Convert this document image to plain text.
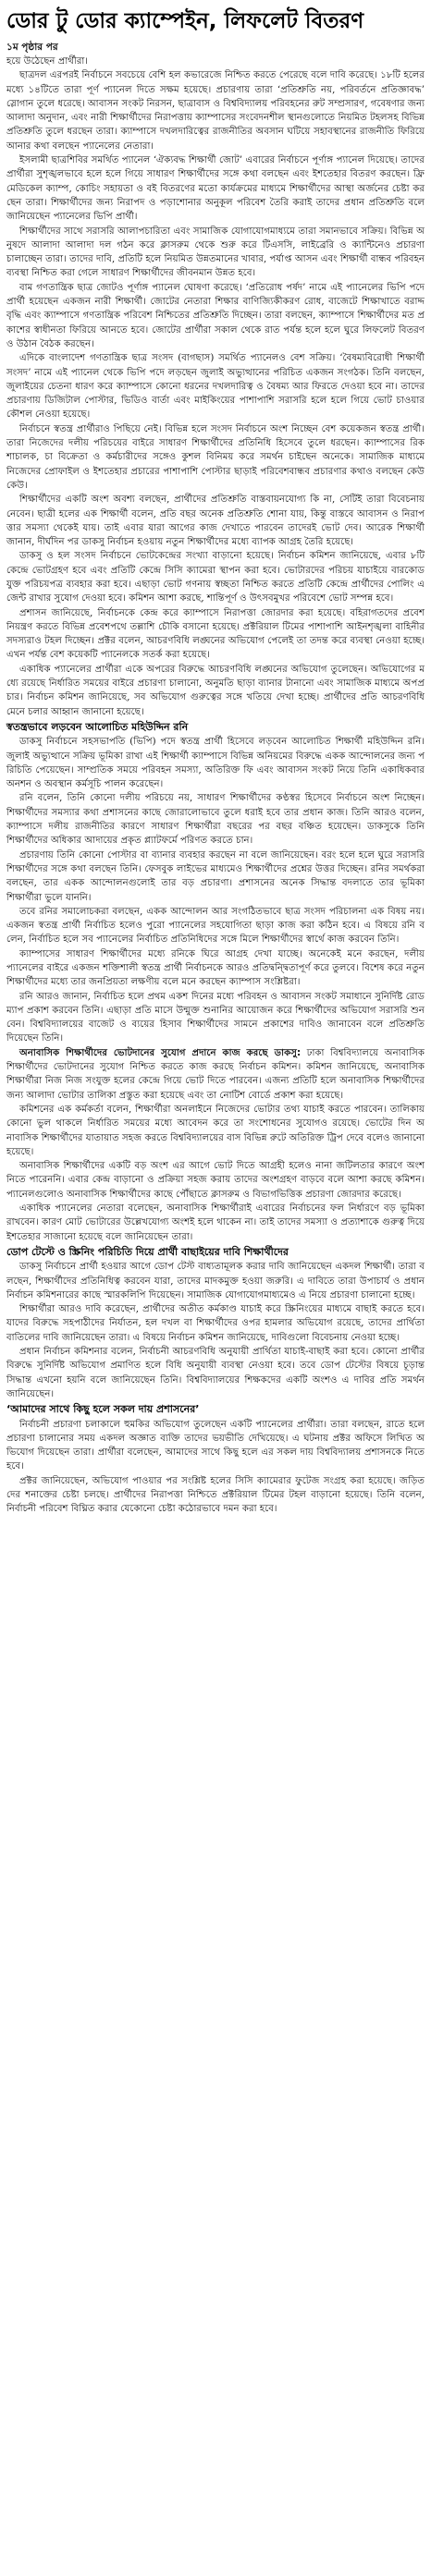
ডোর টু ডোর ক্যাম্পেইন, লিফলেট বিতরণ
১ম পৃষ্ঠার পর

হয়ে উঠেছেন প্রার্থীরা।

ছাত্রদল এরপরই নির্বাচনে সবচেয়ে বেশি হল কভারেজে নিশ্চিত করতে পেরেছে বলে দাবি করেছে। ১৮টি হলের মধ্যে ১৪টিতে তারা পূর্ণ প্যানেল দিতে সক্ষম হয়েছে। প্রচারণায় তারা ‘প্রতিশ্রুতি নয়, পরিবর্তনে প্রতিজ্ঞাবদ্ধ’ স্লোগান তুলে ধরেছে। আবাসন সংকট নিরসন, ছাত্রাবাস ও বিশ্ববিদ্যালয় পরিবহনের রুট সম্প্রসারণ, গবেষণার জন্য আলাদা অনুদান, এবং নারী শিক্ষার্থীদের নিরাপত্তায় ক্যাম্পাসের সংবেদনশীল স্থানগুলোতে নিয়মিত টহলসহ বিভিন্ন প্রতিশ্রুতি তুলে ধরছেন তারা। ক্যাম্পাসে দখলদারিত্বের রাজনীতির অবসান ঘটিয়ে সহাবস্থানের রাজনীতি ফিরিয়ে আনার কথা বলছেন প্যানেলের নেতারা।

ইসলামী ছাত্রশিবির সমর্থিত প্যানেল ‘ঐক্যবদ্ধ শিক্ষার্থী জোট’ এবারের নির্বাচনে পূর্ণাঙ্গ প্যানেল দিয়েছে। তাদের প্রার্থীরা সুশৃঙ্খলভাবে হলে হলে গিয়ে সাধারণ শিক্ষার্থীদের সঙ্গে কথা বলছেন এবং ইশতেহার বিতরণ করছেন। ফ্রি মেডিকেল ক্যাম্প, কোচিং সহায়তা ও বই বিতরণের মতো কার্যক্রমের মাধ্যমে শিক্ষার্থীদের আস্থা অর্জনের চেষ্টা করছেন তারা। শিক্ষার্থীদের জন্য নিরাপদ ও পড়াশোনার অনুকূল পরিবেশ তৈরি করাই তাদের প্রধান প্রতিশ্রুতি বলে জানিয়েছেন প্যানেলের ভিপি প্রার্থী।

শিক্ষার্থীদের সাথে সরাসরি আলাপচারিতা এবং সামাজিক যোগাযোগমাধ্যমে তারা সমানভাবে সক্রিয়। বিভিন্ন অনুষদে আলাদা আলাদা দল গঠন করে ক্লাসরুম থেকে শুরু করে টিএসসি, লাইব্রেরি ও ক্যান্টিনেও প্রচারণা চালাচ্ছেন তারা। তাদের দাবি, প্রতিটি হলে নিয়মিত উন্নতমানের খাবার, পর্যাপ্ত আসন এবং শিক্ষার্থী বান্ধব পরিবহন ব্যবস্থা নিশ্চিত করা গেলে সাধারণ শিক্ষার্থীদের জীবনমান উন্নত হবে।

বাম গণতান্ত্রিক ছাত্র জোটও পূর্ণাঙ্গ প্যানেল ঘোষণা করেছে। ‘প্রতিরোধ পর্ষদ’ নামে এই প্যানেলের ভিপি পদে প্রার্থী হয়েছেন একজন নারী শিক্ষার্থী। জোটের নেতারা শিক্ষার বাণিজ্যিকীকরণ রোধ, বাজেটে শিক্ষাখাতে বরাদ্দ বৃদ্ধি এবং ক্যাম্পাসে গণতান্ত্রিক পরিবেশ নিশ্চিতের প্রতিশ্রুতি দিচ্ছেন। তারা বলছেন, ক্যাম্পাসে শিক্ষার্থীদের মত প্রকাশের স্বাধীনতা ফিরিয়ে আনতে হবে। জোটের প্রার্থীরা সকাল থেকে রাত পর্যন্ত হলে হলে ঘুরে লিফলেট বিতরণ ও উঠান বৈঠক করছেন।

এদিকে বাংলাদেশ গণতান্ত্রিক ছাত্র সংসদ (বাগছাস) সমর্থিত প্যানেলও বেশ সক্রিয়। ‘বৈষম্যবিরোধী শিক্ষার্থী সংসদ’ নামে এই প্যানেল থেকে ভিপি পদে লড়ছেন জুলাই অভ্যুত্থানের পরিচিত একজন সংগঠক। তিনি বলছেন, জুলাইয়ের চেতনা ধারণ করে ক্যাম্পাসে কোনো ধরনের দখলদারিত্ব ও বৈষম্য আর ফিরতে দেওয়া হবে না। তাদের প্রচারণায় ডিজিটাল পোস্টার, ভিডিও বার্তা এবং মাইকিংয়ের পাশাপাশি সরাসরি হলে হলে গিয়ে ভোট চাওয়ার কৌশল নেওয়া হয়েছে।

নির্বাচনে স্বতন্ত্র প্রার্থীরাও পিছিয়ে নেই। বিভিন্ন হলে সংসদ নির্বাচনে অংশ নিচ্ছেন বেশ কয়েকজন স্বতন্ত্র প্রার্থী। তারা নিজেদের দলীয় পরিচয়ের বাইরে সাধারণ শিক্ষার্থীদের প্রতিনিধি হিসেবে তুলে ধরছেন। ক্যাম্পাসের রিকশাচালক, চা বিক্রেতা ও কর্মচারীদের সঙ্গেও কুশল বিনিময় করে সমর্থন চাইছেন অনেকে। সামাজিক মাধ্যমে নিজেদের প্রোফাইল ও ইশতেহার প্রচারের পাশাপাশি পোস্টার ছাড়াই পরিবেশবান্ধব প্রচারণার কথাও বলছেন কেউ কেউ।

শিক্ষার্থীদের একটি অংশ অবশ্য বলছেন, প্রার্থীদের প্রতিশ্রুতি বাস্তবায়নযোগ্য কি না, সেটিই তারা বিবেচনায় নেবেন। ছাত্রী হলের এক শিক্ষার্থী বলেন, প্রতি বছর অনেক প্রতিশ্রুতি শোনা যায়, কিন্তু বাস্তবে আবাসন ও নিরাপত্তার সমস্যা থেকেই যায়। তাই এবার যারা আগের কাজ দেখাতে পারবেন তাদেরই ভোট দেব। আরেক শিক্ষার্থী জানান, দীর্ঘদিন পর ডাকসু নির্বাচন হওয়ায় নতুন শিক্ষার্থীদের মধ্যে ব্যাপক আগ্রহ তৈরি হয়েছে।

ডাকসু ও হল সংসদ নির্বাচনে ভোটকেন্দ্রের সংখ্যা বাড়ানো হয়েছে। নির্বাচন কমিশন জানিয়েছে, এবার ৮টি কেন্দ্রে ভোটগ্রহণ হবে এবং প্রতিটি কেন্দ্রে সিসি ক্যামেরা স্থাপন করা হবে। ভোটারদের পরিচয় যাচাইয়ে বারকোডযুক্ত পরিচয়পত্র ব্যবহার করা হবে। এছাড়া ভোট গণনায় স্বচ্ছতা নিশ্চিত করতে প্রতিটি কেন্দ্রে প্রার্থীদের পোলিং এজেন্ট রাখার সুযোগ দেওয়া হবে। কমিশন আশা করছে, শান্তিপূর্ণ ও উৎসবমুখর পরিবেশে ভোট সম্পন্ন হবে।

প্রশাসন জানিয়েছে, নির্বাচনকে কেন্দ্র করে ক্যাম্পাসে নিরাপত্তা জোরদার করা হয়েছে। বহিরাগতদের প্রবেশ নিয়ন্ত্রণ করতে বিভিন্ন প্রবেশপথে তল্লাশি চৌকি বসানো হয়েছে। প্রক্টরিয়াল টিমের পাশাপাশি আইনশৃঙ্খলা বাহিনীর সদস্যরাও টহল দিচ্ছেন। প্রক্টর বলেন, আচরণবিধি লঙ্ঘনের অভিযোগ পেলেই তা তদন্ত করে ব্যবস্থা নেওয়া হচ্ছে। এখন পর্যন্ত বেশ কয়েকটি প্যানেলকে সতর্ক করা হয়েছে।

একাধিক প্যানেলের প্রার্থীরা একে অপরের বিরুদ্ধে আচরণবিধি লঙ্ঘনের অভিযোগ তুলেছেন। অভিযোগের মধ্যে রয়েছে নির্ধারিত সময়ের বাইরে প্রচারণা চালানো, অনুমতি ছাড়া ব্যানার টানানো এবং সামাজিক মাধ্যমে অপপ্রচার। নির্বাচন কমিশন জানিয়েছে, সব অভিযোগ গুরুত্বের সঙ্গে খতিয়ে দেখা হচ্ছে। প্রার্থীদের প্রতি আচরণবিধি মেনে চলার আহ্বান জানানো হয়েছে।

স্বতন্ত্রভাবে লড়বেন আলোচিত মহিউদ্দিন রনি

ডাকসু নির্বাচনে সহসভাপতি (ভিপি) পদে স্বতন্ত্র প্রার্থী হিসেবে লড়বেন আলোচিত শিক্ষার্থী মহিউদ্দিন রনি। জুলাই অভ্যুত্থানে সক্রিয় ভূমিকা রাখা এই শিক্ষার্থী ক্যাম্পাসে বিভিন্ন অনিয়মের বিরুদ্ধে একক আন্দোলনের জন্য পরিচিতি পেয়েছেন। সাম্প্রতিক সময়ে পরিবহন সমস্যা, অতিরিক্ত ফি এবং আবাসন সংকট নিয়ে তিনি একাধিকবার অনশন ও অবস্থান কর্মসূচি পালন করেছেন।

রনি বলেন, তিনি কোনো দলীয় পরিচয়ে নয়, সাধারণ শিক্ষার্থীদের কণ্ঠস্বর হিসেবে নির্বাচনে অংশ নিচ্ছেন। শিক্ষার্থীদের সমস্যার কথা প্রশাসনের কাছে জোরালোভাবে তুলে ধরাই হবে তার প্রধান কাজ। তিনি আরও বলেন, ক্যাম্পাসে দলীয় রাজনীতির কারণে সাধারণ শিক্ষার্থীরা বছরের পর বছর বঞ্চিত হয়েছেন। ডাকসুকে তিনি শিক্ষার্থীদের অধিকার আদায়ের প্রকৃত প্ল্যাটফর্মে পরিণত করতে চান।

প্রচারণায় তিনি কোনো পোস্টার বা ব্যানার ব্যবহার করছেন না বলে জানিয়েছেন। বরং হলে হলে ঘুরে সরাসরি শিক্ষার্থীদের সঙ্গে কথা বলছেন তিনি। ফেসবুক লাইভের মাধ্যমেও শিক্ষার্থীদের প্রশ্নের উত্তর দিচ্ছেন। রনির সমর্থকরা বলছেন, তার একক আন্দোলনগুলোই তার বড় প্রচারণা। প্রশাসনের অনেক সিদ্ধান্ত বদলাতে তার ভূমিকা শিক্ষার্থীরা ভুলে যাননি।

তবে রনির সমালোচকরা বলছেন, একক আন্দোলন আর সংগঠিতভাবে ছাত্র সংসদ পরিচালনা এক বিষয় নয়। একজন স্বতন্ত্র প্রার্থী নির্বাচিত হলেও পুরো প্যানেলের সহযোগিতা ছাড়া কাজ করা কঠিন হবে। এ বিষয়ে রনি বলেন, নির্বাচিত হলে সব প্যানেলের নির্বাচিত প্রতিনিধিদের সঙ্গে মিলে শিক্ষার্থীদের স্বার্থে কাজ করবেন তিনি।

ক্যাম্পাসের সাধারণ শিক্ষার্থীদের মধ্যে রনিকে ঘিরে আগ্রহ দেখা যাচ্ছে। অনেকেই মনে করছেন, দলীয় প্যানেলের বাইরে একজন শক্তিশালী স্বতন্ত্র প্রার্থী নির্বাচনকে আরও প্রতিদ্বন্দ্বিতাপূর্ণ করে তুলবে। বিশেষ করে নতুন শিক্ষার্থীদের মধ্যে তার জনপ্রিয়তা লক্ষণীয় বলে মনে করছেন ক্যাম্পাস সংশ্লিষ্টরা।

রনি আরও জানান, নির্বাচিত হলে প্রথম একশ দিনের মধ্যে পরিবহন ও আবাসন সংকট সমাধানে সুনির্দিষ্ট রোডম্যাপ প্রকাশ করবেন তিনি। এছাড়া প্রতি মাসে উন্মুক্ত শুনানির আয়োজন করে শিক্ষার্থীদের অভিযোগ সরাসরি শুনবেন। বিশ্ববিদ্যালয়ের বাজেট ও ব্যয়ের হিসাব শিক্ষার্থীদের সামনে প্রকাশের দাবিও জানাবেন বলে প্রতিশ্রুতি দিয়েছেন তিনি।

অনাবাসিক শিক্ষার্থীদের ভোটদানের সুযোগ প্রদানে কাজ করছে ডাকসু: ঢাকা বিশ্ববিদ্যালয়ে অনাবাসিক শিক্ষার্থীদের ভোটদানের সুযোগ নিশ্চিত করতে কাজ করছে নির্বাচন কমিশন। কমিশন জানিয়েছে, অনাবাসিক শিক্ষার্থীরা নিজ নিজ সংযুক্ত হলের কেন্দ্রে গিয়ে ভোট দিতে পারবেন। এজন্য প্রতিটি হলে অনাবাসিক শিক্ষার্থীদের জন্য আলাদা ভোটার তালিকা প্রস্তুত করা হয়েছে এবং তা নোটিশ বোর্ডে প্রকাশ করা হয়েছে।

কমিশনের এক কর্মকর্তা বলেন, শিক্ষার্থীরা অনলাইনে নিজেদের ভোটার তথ্য যাচাই করতে পারবেন। তালিকায় কোনো ভুল থাকলে নির্ধারিত সময়ের মধ্যে আবেদন করে তা সংশোধনের সুযোগও রয়েছে। ভোটের দিন অনাবাসিক শিক্ষার্থীদের যাতায়াত সহজ করতে বিশ্ববিদ্যালয়ের বাস বিভিন্ন রুটে অতিরিক্ত ট্রিপ দেবে বলেও জানানো হয়েছে।

অনাবাসিক শিক্ষার্থীদের একটি বড় অংশ এর আগে ভোট দিতে আগ্রহী হলেও নানা জটিলতার কারণে অংশ নিতে পারেননি। এবার কেন্দ্র বাড়ানো ও প্রক্রিয়া সহজ করায় তাদের অংশগ্রহণ বাড়বে বলে আশা করছে কমিশন। প্যানেলগুলোও অনাবাসিক শিক্ষার্থীদের কাছে পৌঁছাতে ক্লাসরুম ও বিভাগভিত্তিক প্রচারণা জোরদার করেছে।

একাধিক প্যানেলের নেতারা বলেছেন, অনাবাসিক শিক্ষার্থীরাই এবারের নির্বাচনের ফল নির্ধারণে বড় ভূমিকা রাখবেন। কারণ মোট ভোটারের উল্লেখযোগ্য অংশই হলে থাকেন না। তাই তাদের সমস্যা ও প্রত্যাশাকে গুরুত্ব দিয়ে ইশতেহার সাজানো হয়েছে বলে জানিয়েছেন তারা।

ডোপ টেস্টে ও স্ক্রিনিং পরিচিতি দিয়ে প্রার্থী বাছাইয়ের দাবি শিক্ষার্থীদের

ডাকসু নির্বাচনে প্রার্থী হওয়ার আগে ডোপ টেস্ট বাধ্যতামূলক করার দাবি জানিয়েছেন একদল শিক্ষার্থী। তারা বলছেন, শিক্ষার্থীদের প্রতিনিধিত্ব করবেন যারা, তাদের মাদকমুক্ত হওয়া জরুরি। এ দাবিতে তারা উপাচার্য ও প্রধান নির্বাচন কমিশনারের কাছে স্মারকলিপি দিয়েছেন। সামাজিক যোগাযোগমাধ্যমেও এ নিয়ে প্রচারণা চালানো হচ্ছে।

শিক্ষার্থীরা আরও দাবি করেছেন, প্রার্থীদের অতীত কর্মকাণ্ড যাচাই করে স্ক্রিনিংয়ের মাধ্যমে বাছাই করতে হবে। যাদের বিরুদ্ধে সহপাঠীদের নির্যাতন, হল দখল বা শিক্ষার্থীদের ওপর হামলার অভিযোগ রয়েছে, তাদের প্রার্থিতা বাতিলের দাবি জানিয়েছেন তারা। এ বিষয়ে নির্বাচন কমিশন জানিয়েছে, দাবিগুলো বিবেচনায় নেওয়া হচ্ছে।

প্রধান নির্বাচন কমিশনার বলেন, নির্বাচনী আচরণবিধি অনুযায়ী প্রার্থিতা যাচাই-বাছাই করা হবে। কোনো প্রার্থীর বিরুদ্ধে সুনির্দিষ্ট অভিযোগ প্রমাণিত হলে বিধি অনুযায়ী ব্যবস্থা নেওয়া হবে। তবে ডোপ টেস্টের বিষয়ে চূড়ান্ত সিদ্ধান্ত এখনো হয়নি বলে জানিয়েছেন তিনি। বিশ্ববিদ্যালয়ের শিক্ষকদের একটি অংশও এ দাবির প্রতি সমর্থন জানিয়েছেন।

‘আমাদের সাথে কিছু হলে সকল দায় প্রশাসনের’

নির্বাচনী প্রচারণা চলাকালে হুমকির অভিযোগ তুলেছেন একটি প্যানেলের প্রার্থীরা। তারা বলছেন, রাতে হলে প্রচারণা চালানোর সময় একদল অজ্ঞাত ব্যক্তি তাদের ভয়ভীতি দেখিয়েছে। এ ঘটনায় প্রক্টর অফিসে লিখিত অভিযোগ দিয়েছেন তারা। প্রার্থীরা বলেছেন, আমাদের সাথে কিছু হলে এর সকল দায় বিশ্ববিদ্যালয় প্রশাসনকে নিতে হবে।

প্রক্টর জানিয়েছেন, অভিযোগ পাওয়ার পর সংশ্লিষ্ট হলের সিসি ক্যামেরার ফুটেজ সংগ্রহ করা হয়েছে। জড়িতদের শনাক্তের চেষ্টা চলছে। প্রার্থীদের নিরাপত্তা নিশ্চিতে প্রক্টরিয়াল টিমের টহল বাড়ানো হয়েছে। তিনি বলেন, নির্বাচনী পরিবেশ বিঘ্নিত করার যেকোনো চেষ্টা কঠোরভাবে দমন করা হবে।
